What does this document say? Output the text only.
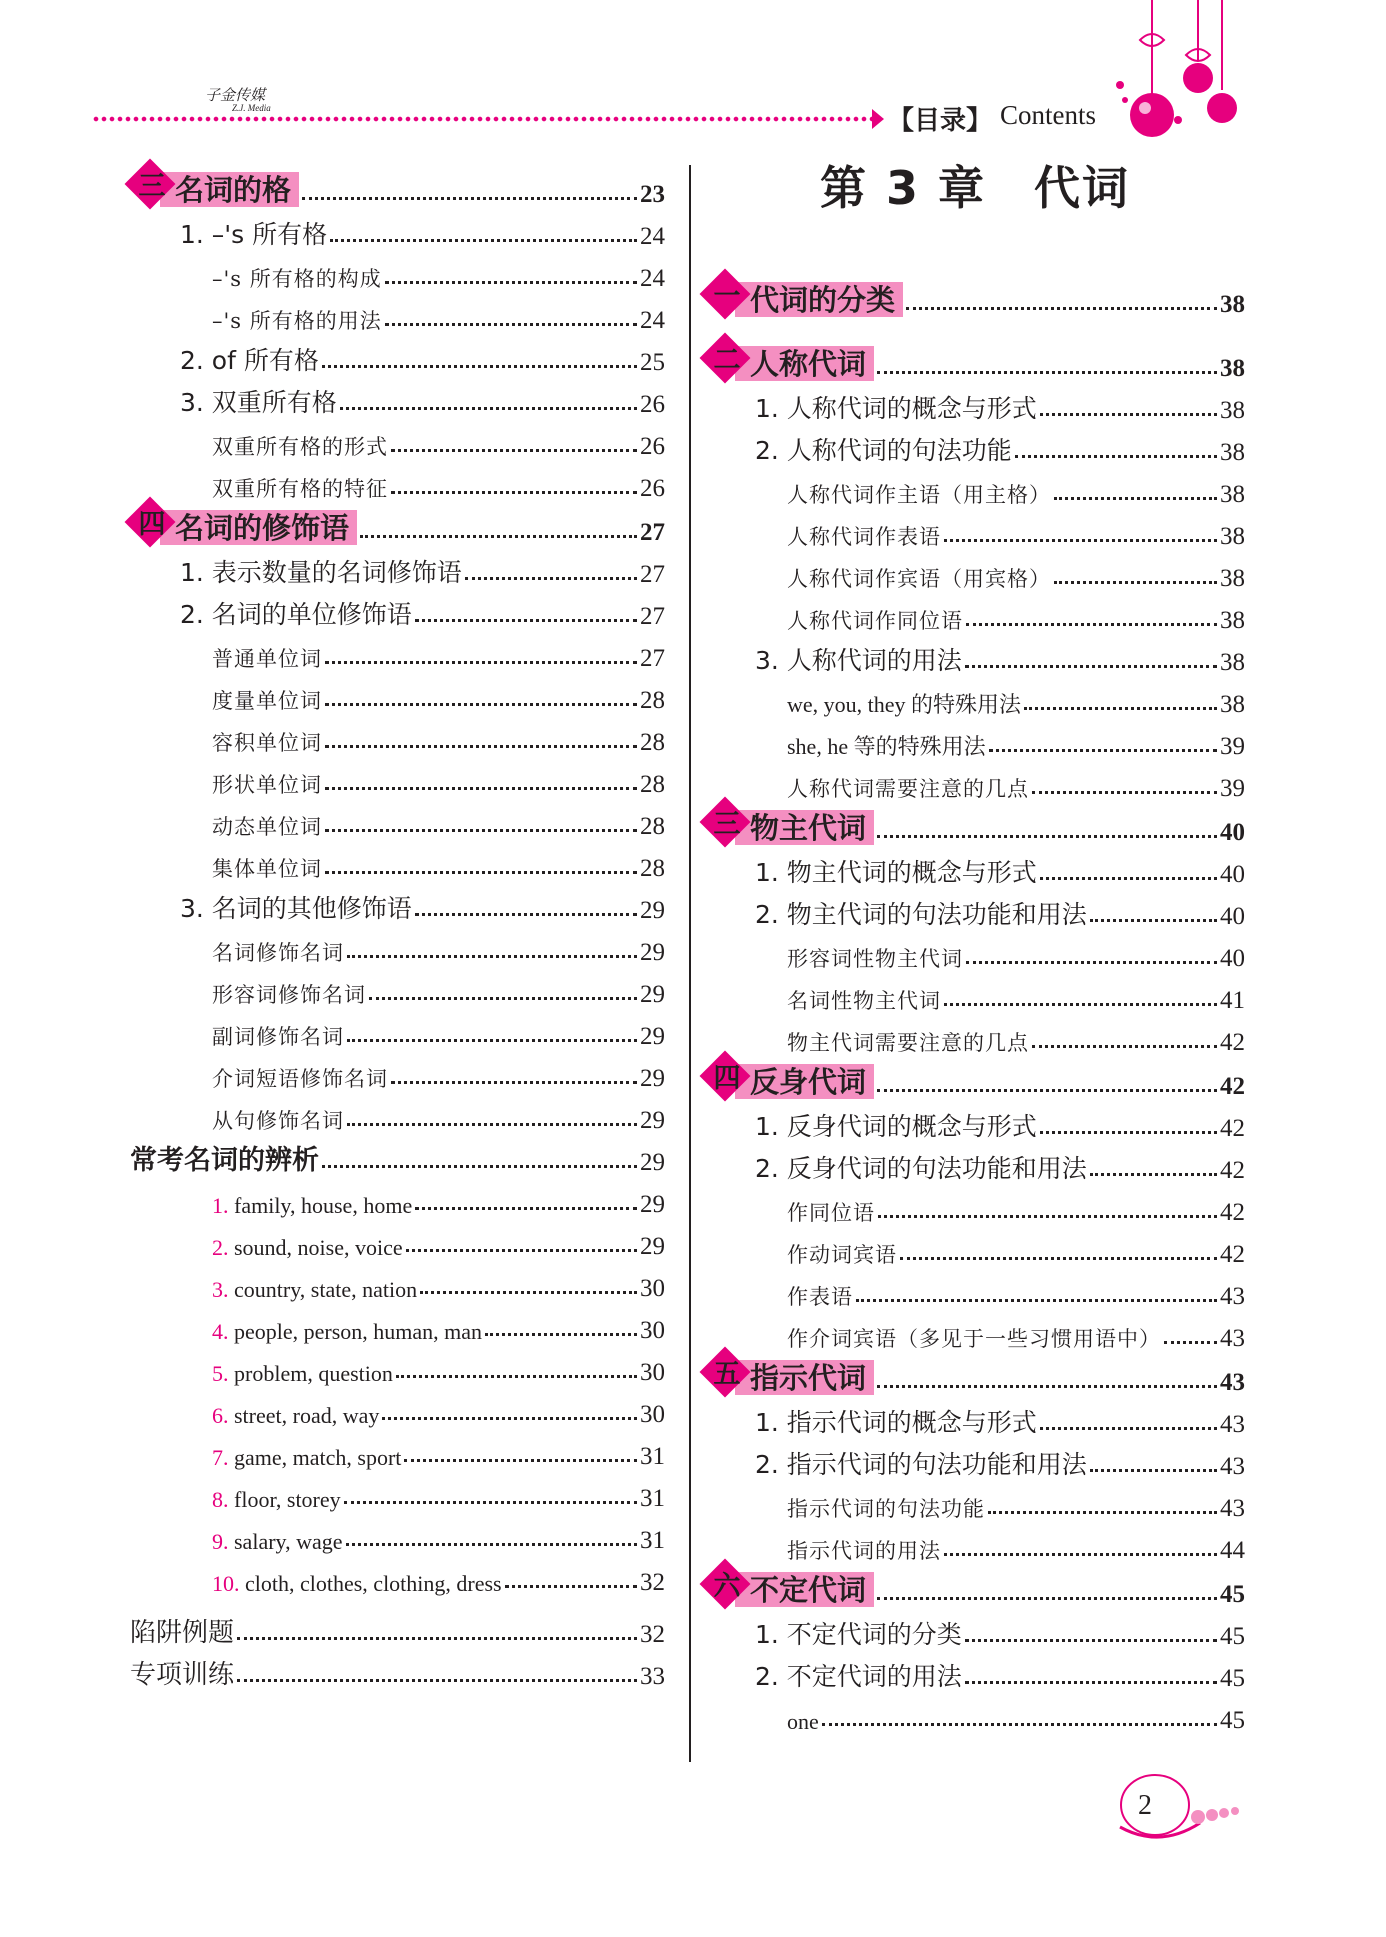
子金传媒
Z.J. Media	【目录】 Contents
三 名词的格	23
1. –'s 所有格	24
–'s 所有格的构成	24
–'s 所有格的用法	24
2. of 所有格	25
3. 双重所有格	26
双重所有格的形式	26
双重所有格的特征	26
四 名词的修饰语	27
1. 表示数量的名词修饰语	27
2. 名词的单位修饰语	27
普通单位词	27
度量单位词	28
容积单位词	28
形状单位词	28
动态单位词	28
集体单位词	28
3. 名词的其他修饰语	29
名词修饰名词	29
形容词修饰名词	29
副词修饰名词	29
介词短语修饰名词	29
从句修饰名词	29
常考名词的辨析	29
1. family, house, home	29
2. sound, noise, voice	29
3. country, state, nation	30
4. people, person, human, man	30
5. problem, question	30
6. street, road, way	30
7. game, match, sport	31
8. floor, storey	31
9. salary, wage	31
10. cloth, clothes, clothing, dress	32
陷阱例题	32
专项训练	33
第 3 章　代词
一 代词的分类	38
二 人称代词	38
1. 人称代词的概念与形式	38
2. 人称代词的句法功能	38
人称代词作主语（用主格）	38
人称代词作表语	38
人称代词作宾语（用宾格）	38
人称代词作同位语	38
3. 人称代词的用法	38
we, you, they 的特殊用法	38
she, he 等的特殊用法	39
人称代词需要注意的几点	39
三 物主代词	40
1. 物主代词的概念与形式	40
2. 物主代词的句法功能和用法	40
形容词性物主代词	40
名词性物主代词	41
物主代词需要注意的几点	42
四 反身代词	42
1. 反身代词的概念与形式	42
2. 反身代词的句法功能和用法	42
作同位语	42
作动词宾语	42
作表语	43
作介词宾语（多见于一些习惯用语中） 43
五 指示代词	43
1. 指示代词的概念与形式	43
2. 指示代词的句法功能和用法	43
指示代词的句法功能	43
指示代词的用法	44
六 不定代词	45
1. 不定代词的分类	45
2. 不定代词的用法	45
one	45
2
